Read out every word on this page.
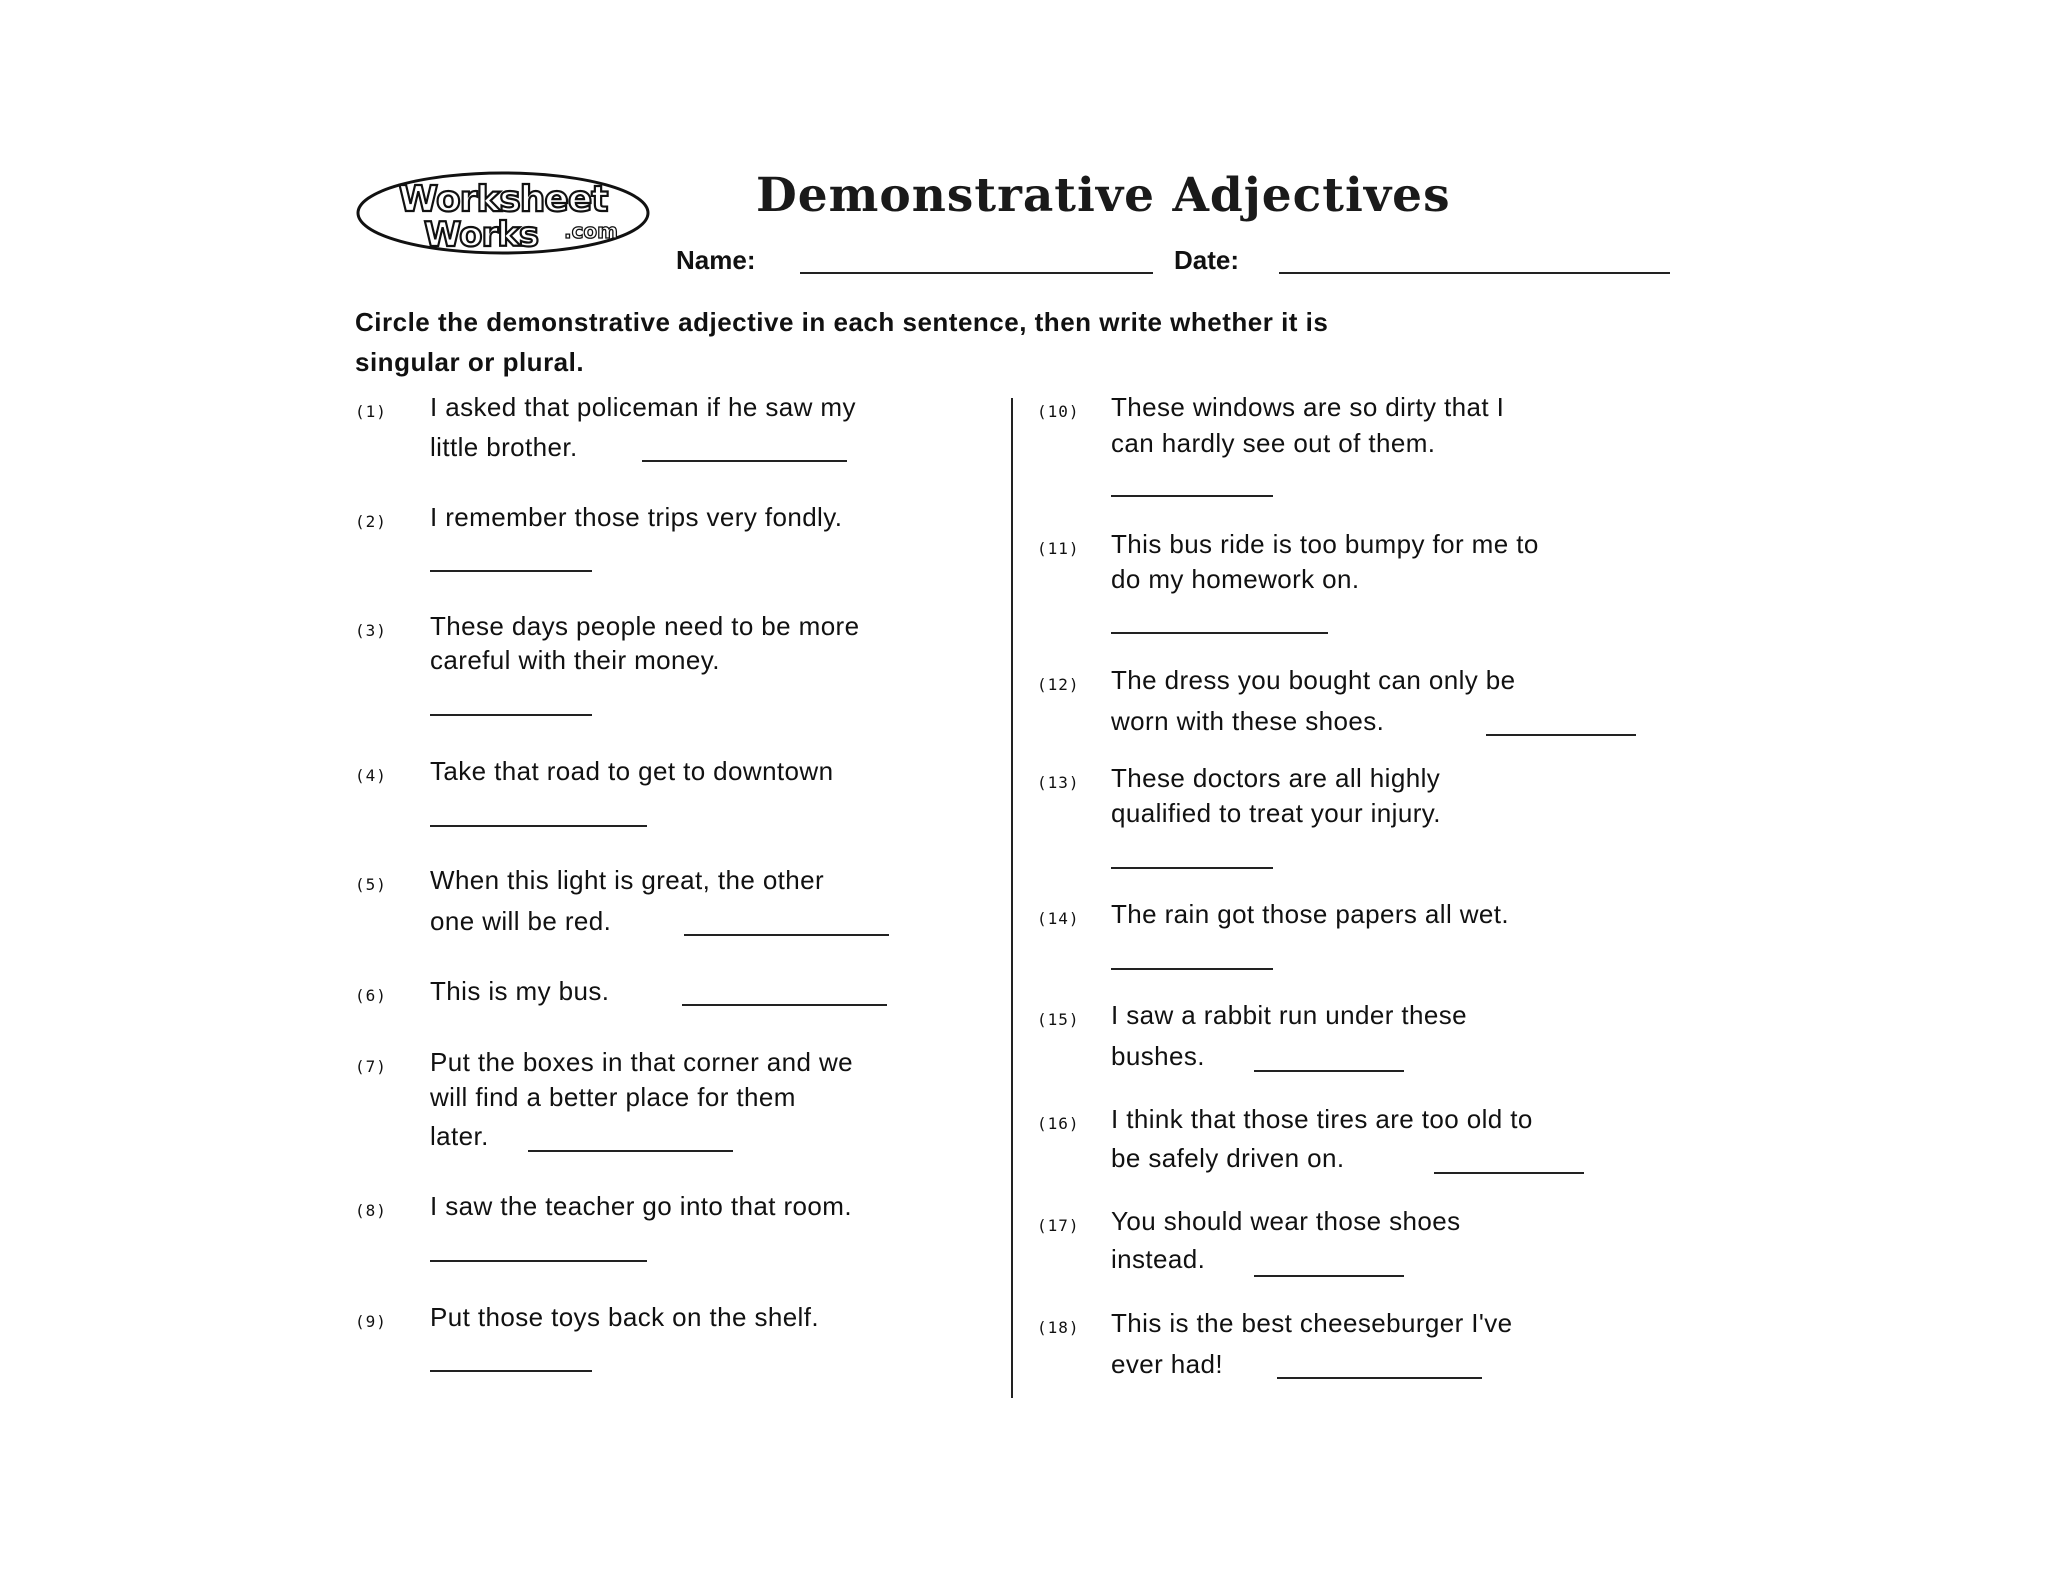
Worksheet
Works .com
Demonstrative Adjectives
Name:	Date:
Circle the demonstrative adjective in each sentence, then write whether it is
singular or plural.
(1) I asked that policeman if he saw my
little brother.
(2) I remember those trips very fondly.
(3) These days people need to be more
careful with their money.
(4) Take that road to get to downtown
(5) When this light is great, the other
one will be red.
(6) This is my bus.
(7) Put the boxes in that corner and we
will find a better place for them
later.
(8) I saw the teacher go into that room.
(9) Put those toys back on the shelf.
(10) These windows are so dirty that I
can hardly see out of them.
(11) This bus ride is too bumpy for me to
do my homework on.
(12) The dress you bought can only be
worn with these shoes.
(13) These doctors are all highly
qualified to treat your injury.
(14) The rain got those papers all wet.
(15) I saw a rabbit run under these
bushes.
(16) I think that those tires are too old to
be safely driven on.
(17) You should wear those shoes
instead.
(18) This is the best cheeseburger I've
ever had!
